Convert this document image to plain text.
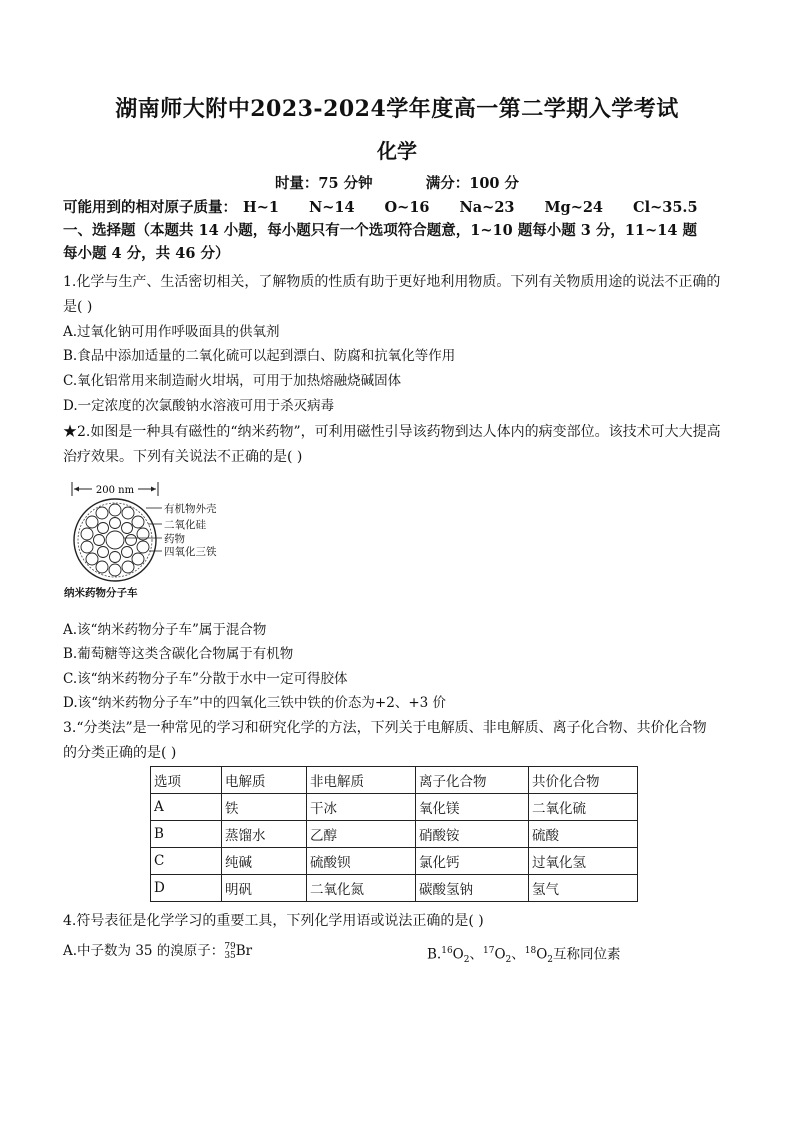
湖南师大附中2023-2024学年度高一第二学期入学考试
化学
时量：75 分钟	满分：100 分
可能用到的相对原子质量： H~1 N~14 O~16 Na~23 Mg~24 Cl~35.5
一、选择题（本题共 14 小题，每小题只有一个选项符合题意，1~10 题每小题 3 分，11~14 题
每小题 4 分，共 46 分）
1.化学与生产、生活密切相关，了解物质的性质有助于更好地利用物质。下列有关物质用途的说法不正确的
是( )
A.过氧化钠可用作呼吸面具的供氧剂
B.食品中添加适量的二氧化硫可以起到漂白、防腐和抗氧化等作用
C.氧化铝常用来制造耐火坩埚，可用于加热熔融烧碱固体
D.一定浓度的次氯酸钠水溶液可用于杀灭病毒
★2.如图是一种具有磁性的“纳米药物”，可利用磁性引导该药物到达人体内的病变部位。该技术可大大提高
治疗效果。下列有关说法不正确的是( )
200 nm
有机物外壳
二氧化硅
药物
四氧化三铁
纳米药物分子车
A.该“纳米药物分子车”属于混合物
B.葡萄糖等这类含碳化合物属于有机物
C.该“纳米药物分子车”分散于水中一定可得胶体
D.该“纳米药物分子车”中的四氧化三铁中铁的价态为+2、+3 价
3.“分类法”是一种常见的学习和研究化学的方法，下列关于电解质、非电解质、离子化合物、共价化合物
的分类正确的是( )
选项	电解质	非电解质	离子化合物	共价化合物
A	铁	干冰	氧化镁	二氧化硫
B	蒸馏水	乙醇	硝酸铵	硫酸
C	纯碱	硫酸钡	氯化钙	过氧化氢
D	明矾	二氧化氮	碳酸氢钠	氢气
4.符号表征是化学学习的重要工具，下列化学用语或说法正确的是( )
A.中子数为 35 的溴原子： 79
35 Br	$B.^{16}O_2$、$^{17}O_2$、$^{18}O_2$互称同位素
